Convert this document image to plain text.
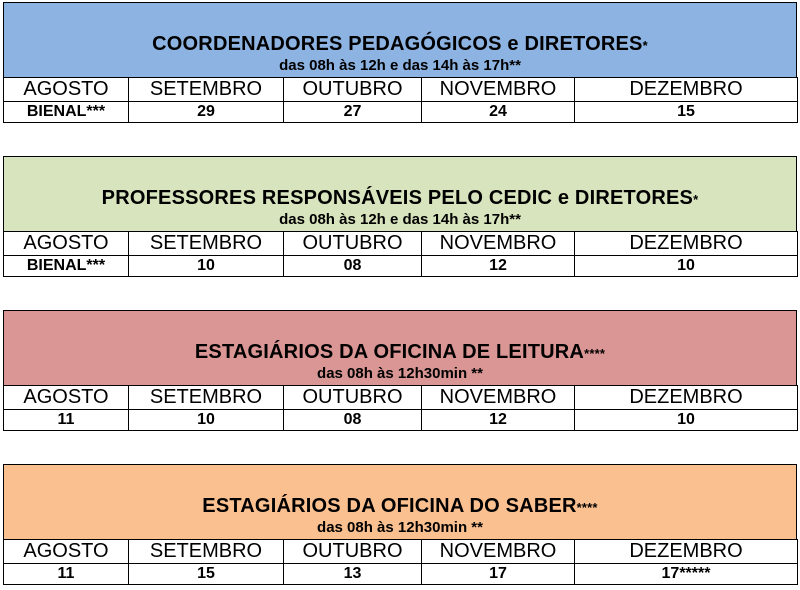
COORDENADORES PEDAGÓGICOS e DIRETORES*
das 08h às 12h e das 14h às 17h**
AGOSTO	SETEMBRO	OUTUBRO	NOVEMBRO	DEZEMBRO
BIENAL***	29	27	24	15
PROFESSORES RESPONSÁVEIS PELO CEDIC e DIRETORES*
das 08h às 12h e das 14h às 17h**
AGOSTO	SETEMBRO	OUTUBRO	NOVEMBRO	DEZEMBRO
BIENAL***	10	08	12	10
ESTAGIÁRIOS DA OFICINA DE LEITURA****
das 08h às 12h30min **
AGOSTO	SETEMBRO	OUTUBRO	NOVEMBRO	DEZEMBRO
11	10	08	12	10
ESTAGIÁRIOS DA OFICINA DO SABER****
das 08h às 12h30min **
AGOSTO	SETEMBRO	OUTUBRO	NOVEMBRO	DEZEMBRO
11	15	13	17	17*****
